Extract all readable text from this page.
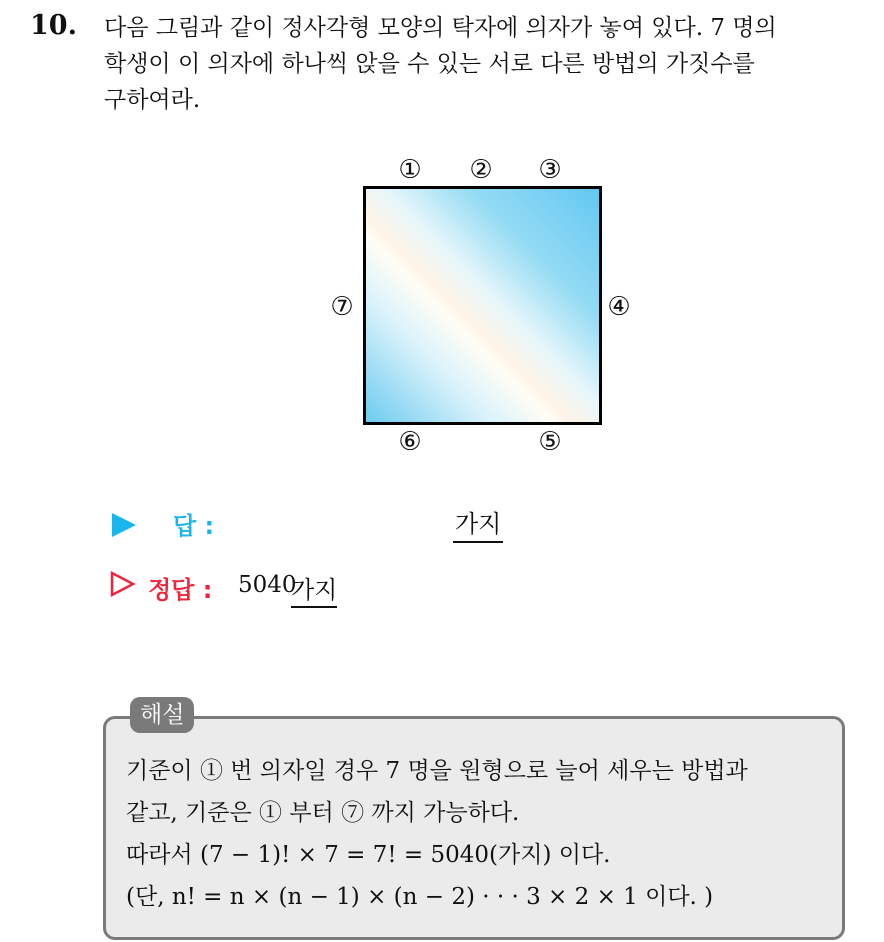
10. 다음 그림과 같이 정사각형 모양의 탁자에 의자가 놓여 있다. 7 명의
학생이 이 의자에 하나씩 앉을 수 있는 서로 다른 방법의 가짓수를
구하여라.
① ② ③
④
⑤
⑥
⑦
답 :	가지
정답 : 5040
가지
해설
기준이 ① 번 의자일 경우 7 명을 원형으로 늘어 세우는 방법과
같고, 기준은 ① 부터 ⑦ 까지 가능하다.
따라서 (7 − 1)! × 7 = 7! = 5040(가지) 이다.
(단, n! = n × (n − 1) × (n − 2) · · · 3 × 2 × 1 이다. )
